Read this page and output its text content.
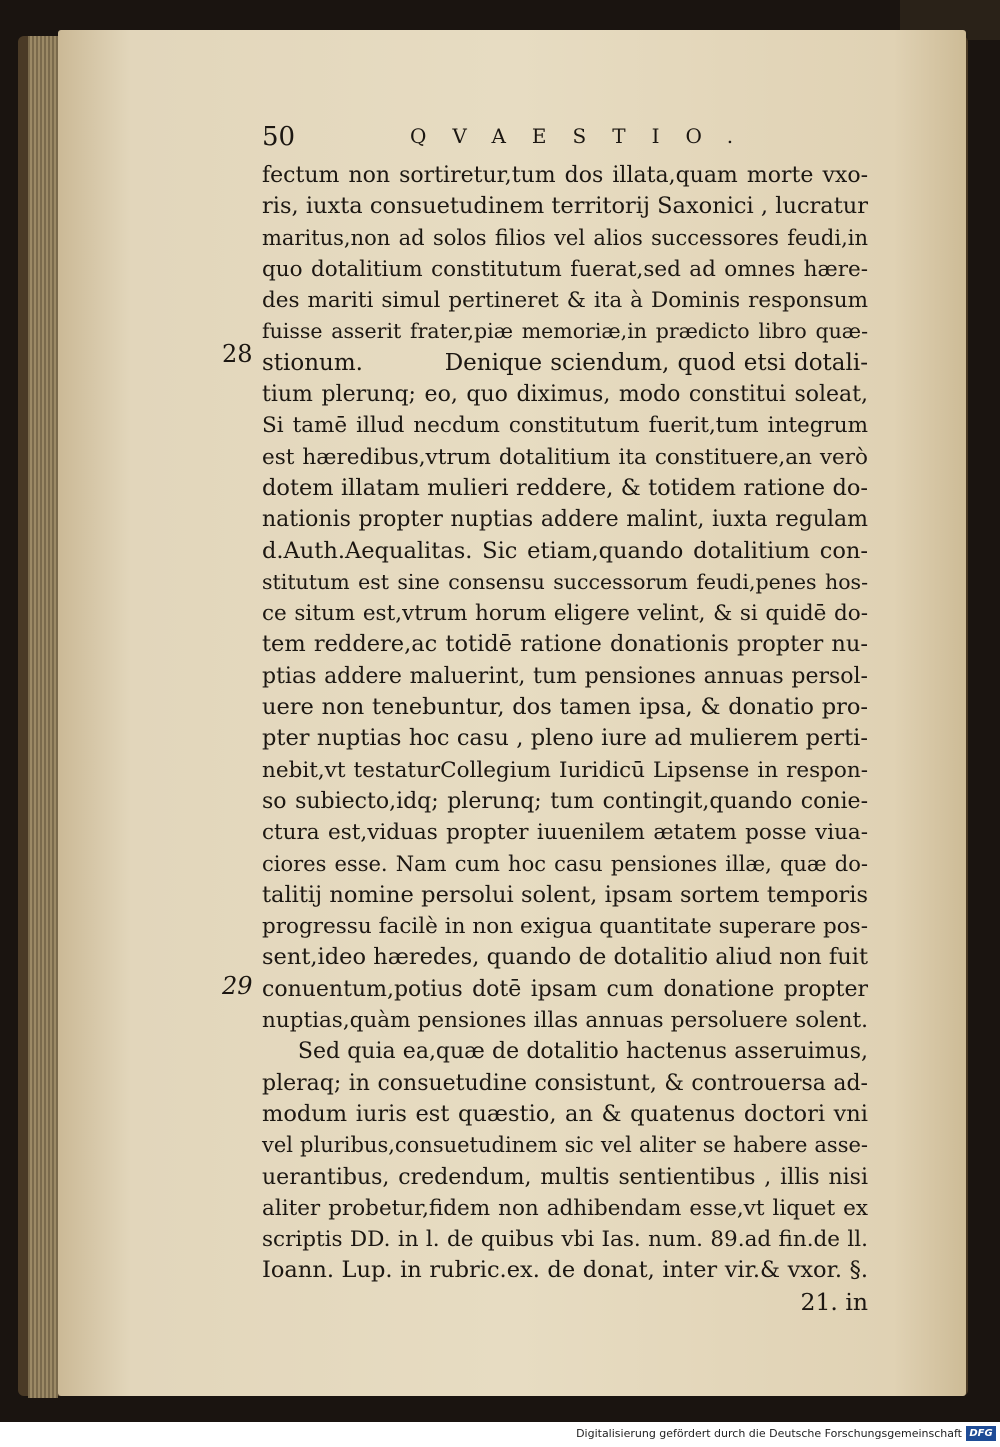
50	QVAESTIO.
28
29
fectum non sortiretur,tum dos illata,quam morte vxo-
ris, iuxta consuetudinem territorij Saxonici , lucratur
maritus,non ad solos filios vel alios successores feudi,in
quo dotalitium constitutum fuerat,sed ad omnes hære-
des mariti simul pertineret & ita à Dominis responsum
fuisse asserit frater,piæ memoriæ,in prædicto libro quæ-
stionum.          Denique sciendum, quod etsi dotali-
tium plerunq; eo, quo diximus, modo constitui soleat,
Si tamē illud necdum constitutum fuerit,tum integrum
est hæredibus,vtrum dotalitium ita constituere,an verò
dotem illatam mulieri reddere, & totidem ratione do-
nationis propter nuptias addere malint, iuxta regulam
d.Auth.Aequalitas. Sic etiam,quando dotalitium con-
stitutum est sine consensu successorum feudi,penes hos-
ce situm est,vtrum horum eligere velint, & si quidē do-
tem reddere,ac totidē ratione donationis propter nu-
ptias addere maluerint, tum pensiones annuas persol-
uere non tenebuntur, dos tamen ipsa, & donatio pro-
pter nuptias hoc casu , pleno iure ad mulierem perti-
nebit,vt testaturCollegium Iuridicū Lipsense in respon-
so subiecto,idq; plerunq; tum contingit,quando conie-
ctura est,viduas propter iuuenilem ætatem posse viua-
ciores esse. Nam cum hoc casu pensiones illæ, quæ do-
talitij nomine persolui solent, ipsam sortem temporis
progressu facilè in non exigua quantitate superare pos-
sent,ideo hæredes, quando de dotalitio aliud non fuit
conuentum,potius dotē ipsam cum donatione propter
nuptias,quàm pensiones illas annuas persoluere solent.
Sed quia ea,quæ de dotalitio hactenus asseruimus,
pleraq; in consuetudine consistunt, & controuersa ad-
modum iuris est quæstio, an & quatenus doctori vni
vel pluribus,consuetudinem sic vel aliter se habere asse-
uerantibus, credendum, multis sentientibus , illis nisi
aliter probetur,fidem non adhibendam esse,vt liquet ex
scriptis DD. in l. de quibus vbi Ias. num. 89.ad fin.de ll.
Ioann. Lup. in rubric.ex. de donat, inter vir.& vxor. §.
21. in
Digitalisierung gefördert durch die Deutsche Forschungsgemeinschaft DFG
